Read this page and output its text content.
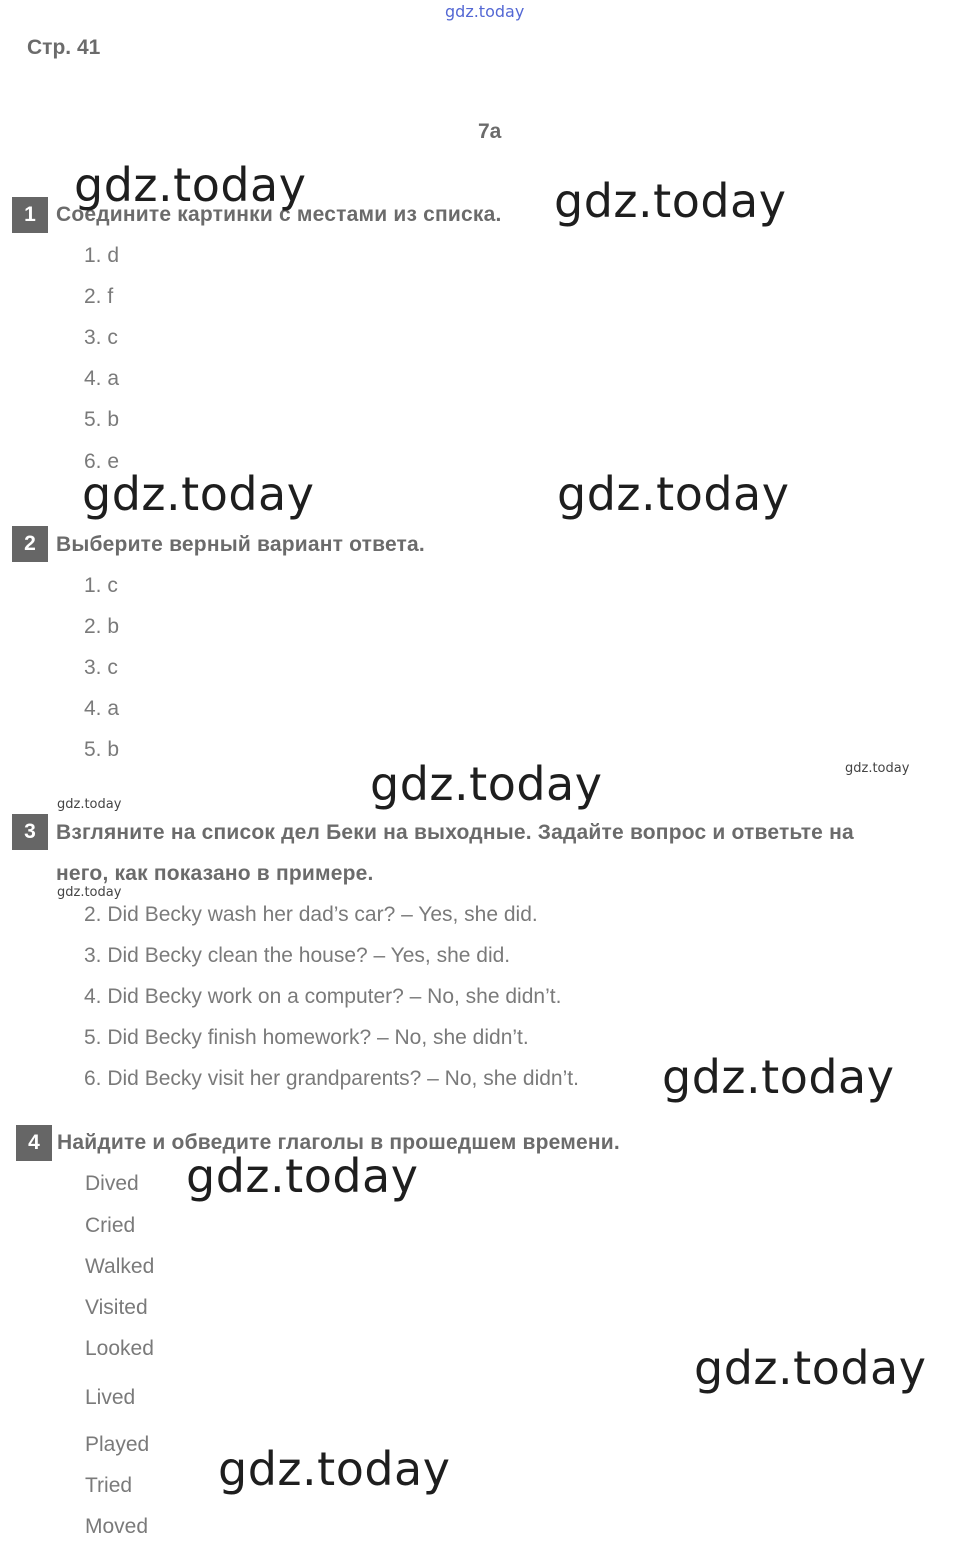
gdz.today
Стр. 41
7a
1 Соедините картинки с местами из списка.
1. d
2. f
3. c
4. a
5. b
6. e
2 Выберите верный вариант ответа.
1. c
2. b
3. c
4. a
5. b
3 Взгляните на список дел Беки на выходные. Задайте вопрос и ответьте на
него, как показано в примере.
2. Did Becky wash her dad’s car? – Yes, she did.
3. Did Becky clean the house? – Yes, she did.
4. Did Becky work on a computer? – No, she didn’t.
5. Did Becky finish homework? – No, she didn’t.
6. Did Becky visit her grandparents? – No, she didn’t.
4 Найдите и обведите глаголы в прошедшем времени.
Dived
Cried
Walked
Visited
Looked
Lived
Played
Tried
Moved
gdz.today	gdz.today
gdz.today	gdz.today
gdz.today	gdz.today
gdz.today
gdz.today
gdz.today
gdz.today
gdz.today
gdz.today
